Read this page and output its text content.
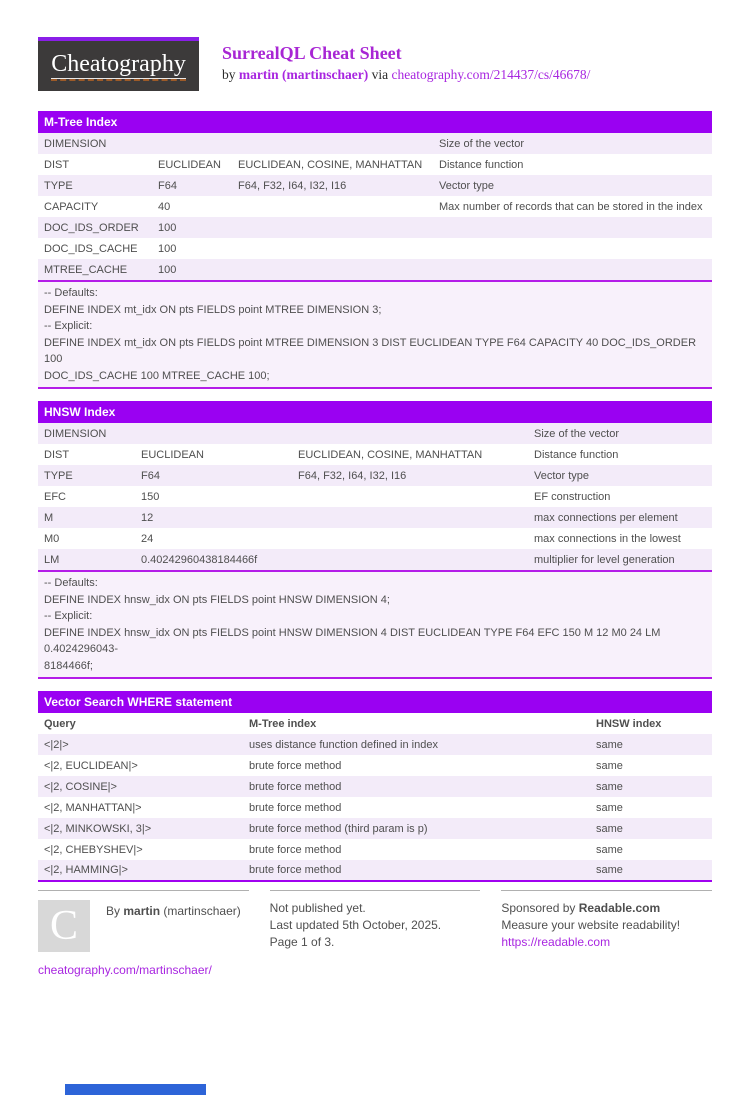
Cheatography SurrealQL Cheat Sheet
by martin (martinschaer) via cheatography.com/214437/cs/46678/
M-Tree Index
DIMENSION			Size of the vector
DIST	EUCLIDEAN	EUCLIDEAN, COSINE, MANHATTAN	Distance function
TYPE	F64	F64, F32, I64, I32, I16	Vector type
CAPACITY	40		Max number of records that can be stored in the index
DOC_IDS_ORDER	100		
DOC_IDS_CACHE	100		
MTREE_CACHE	100		
-- Defaults:
DEFINE INDEX mt_idx ON pts FIELDS point MTREE DIMENSION 3;
-- Explicit:
DEFINE INDEX mt_idx ON pts FIELDS point MTREE DIMENSION 3 DIST EUCLIDEAN TYPE F64 CAPACITY 40 DOC_IDS_ORDER 100
DOC_IDS_CACHE 100 MTREE_CACHE 100;
HNSW Index
DIMENSION			Size of the vector
DIST	EUCLIDEAN	EUCLIDEAN, COSINE, MANHATTAN	Distance function
TYPE	F64	F64, F32, I64, I32, I16	Vector type
EFC	150		EF construction
M	12		max connections per element
M0	24		max connections in the lowest
LM	0.40242960438184466f		multiplier for level generation
-- Defaults:
DEFINE INDEX hnsw_idx ON pts FIELDS point HNSW DIMENSION 4;
-- Explicit:
DEFINE INDEX hnsw_idx ON pts FIELDS point HNSW DIMENSION 4 DIST EUCLIDEAN TYPE F64 EFC 150 M 12 M0 24 LM 0.4024296043-
8184466f;
Vector Search WHERE statement
Query	M-Tree index	HNSW index
<|2|>	uses distance function defined in index	same
<|2, EUCLIDEAN|>	brute force method	same
<|2, COSINE|>	brute force method	same
<|2, MANHATTAN|>	brute force method	same
<|2, MINKOWSKI, 3|>	brute force method (third param is p)	same
<|2, CHEBYSHEV|>	brute force method	same
<|2, HAMMING|>	brute force method	same
C	By martin (martinschaer) Not published yet.
Last updated 5th October, 2025.
Page 1 of 3.
Sponsored by Readable.com
Measure your website readability!
https://readable.com
cheatography.com/martinschaer/
